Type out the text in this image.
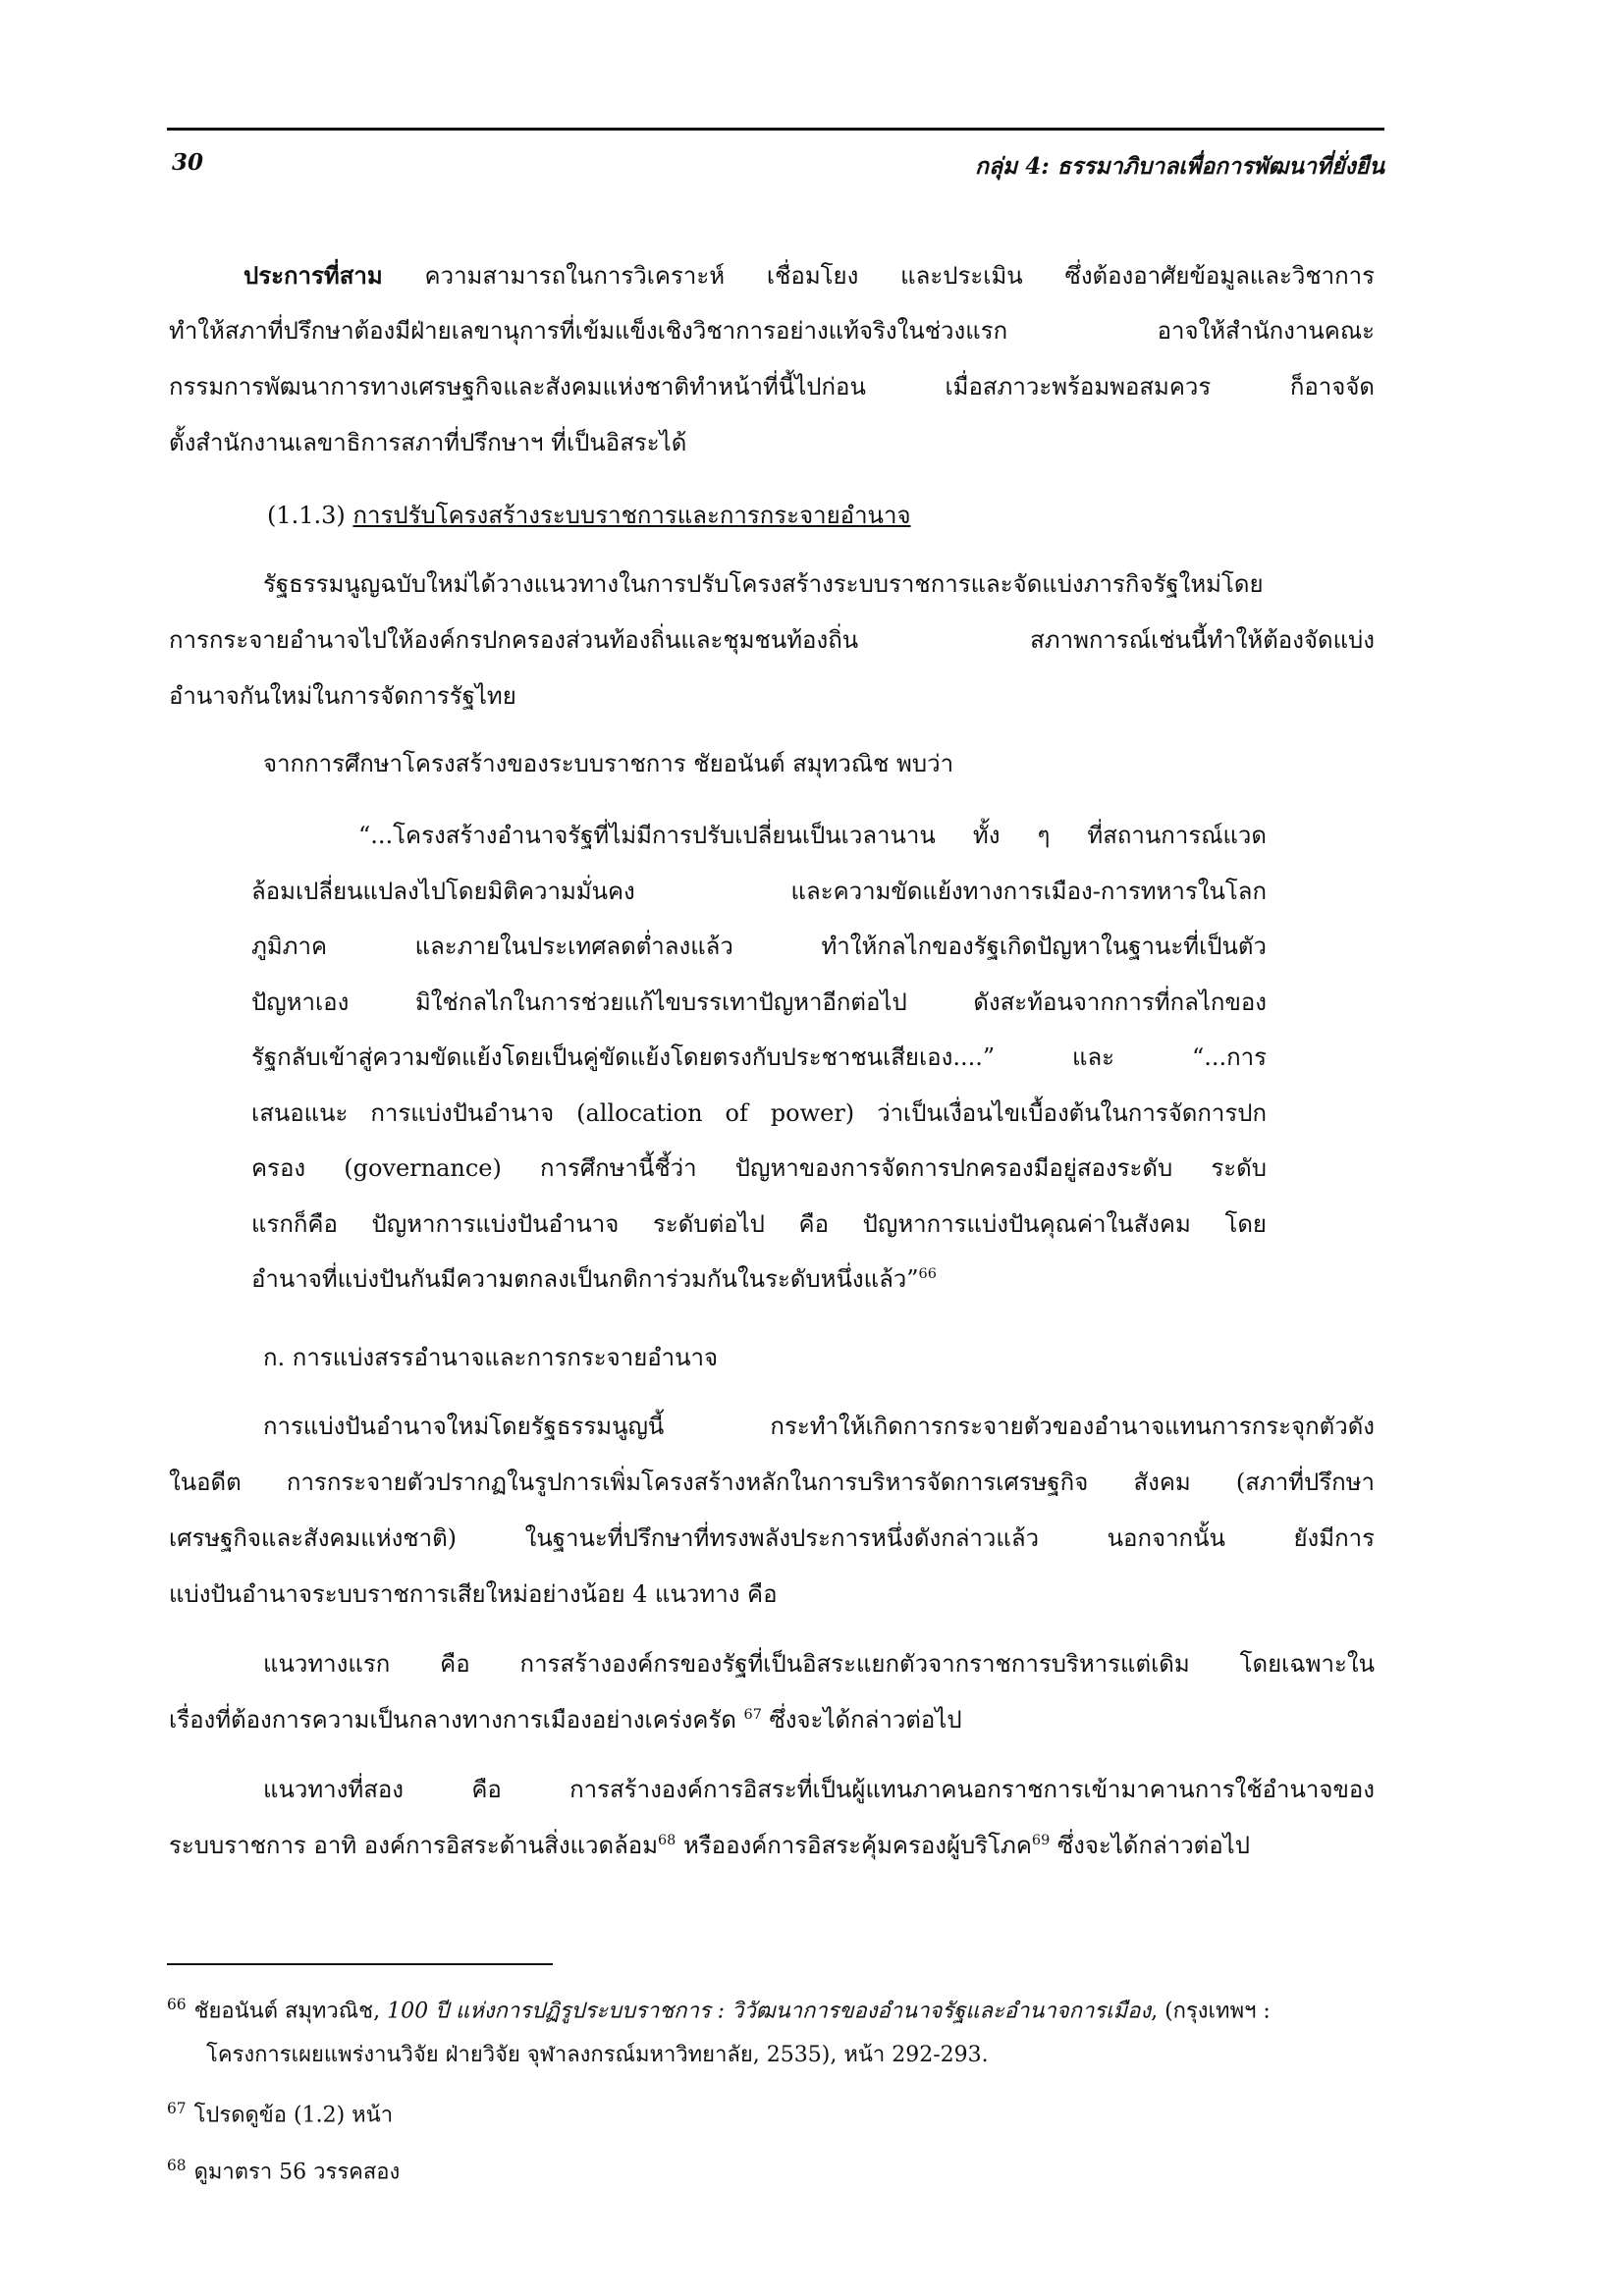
30	กลุ่ม 4: ธรรมาภิบาลเพื่อการพัฒนาที่ยั่งยืน
ประการที่สาม ความสามารถในการวิเคราะห์ เชื่อมโยง และประเมิน ซึ่งต้องอาศัยข้อมูลและวิชาการ
ทำให้สภาที่ปรึกษาต้องมีฝ่ายเลขานุการที่เข้มแข็งเชิงวิชาการอย่างแท้จริงในช่วงแรก อาจให้สำนักงานคณะ
กรรมการพัฒนาการทางเศรษฐกิจและสังคมแห่งชาติทำหน้าที่นี้ไปก่อน เมื่อสภาวะพร้อมพอสมควร ก็อาจจัด
ตั้งสำนักงานเลขาธิการสภาที่ปรึกษาฯ ที่เป็นอิสระได้
(1.1.3) การปรับโครงสร้างระบบราชการและการกระจายอำนาจ
รัฐธรรมนูญฉบับใหม่ได้วางแนวทางในการปรับโครงสร้างระบบราชการและจัดแบ่งภารกิจรัฐใหม่โดย
การกระจายอำนาจไปให้องค์กรปกครองส่วนท้องถิ่นและชุมชนท้องถิ่น สภาพการณ์เช่นนี้ทำให้ต้องจัดแบ่ง
อำนาจกันใหม่ในการจัดการรัฐไทย
จากการศึกษาโครงสร้างของระบบราชการ ชัยอนันต์ สมุทวณิช พบว่า
“...โครงสร้างอำนาจรัฐที่ไม่มีการปรับเปลี่ยนเป็นเวลานาน ทั้ง ๆ ที่สถานการณ์แวด
ล้อมเปลี่ยนแปลงไปโดยมิติความมั่นคง และความขัดแย้งทางการเมือง-การทหารในโลก
ภูมิภาค และภายในประเทศลดต่ำลงแล้ว ทำให้กลไกของรัฐเกิดปัญหาในฐานะที่เป็นตัว
ปัญหาเอง มิใช่กลไกในการช่วยแก้ไขบรรเทาปัญหาอีกต่อไป ดังสะท้อนจากการที่กลไกของ
รัฐกลับเข้าสู่ความขัดแย้งโดยเป็นคู่ขัดแย้งโดยตรงกับประชาชนเสียเอง....” และ “...การ
เสนอแนะ การแบ่งปันอำนาจ (allocation of power) ว่าเป็นเงื่อนไขเบื้องต้นในการจัดการปก
ครอง (governance) การศึกษานี้ชี้ว่า ปัญหาของการจัดการปกครองมีอยู่สองระดับ ระดับ
แรกก็คือ ปัญหาการแบ่งปันอำนาจ ระดับต่อไป คือ ปัญหาการแบ่งปันคุณค่าในสังคม โดย
อำนาจที่แบ่งปันกันมีความตกลงเป็นกติการ่วมกันในระดับหนึ่งแล้ว”$^{66}$
ก. การแบ่งสรรอำนาจและการกระจายอำนาจ
การแบ่งปันอำนาจใหม่โดยรัฐธรรมนูญนี้ กระทำให้เกิดการกระจายตัวของอำนาจแทนการกระจุกตัวดัง
ในอดีต การกระจายตัวปรากฏในรูปการเพิ่มโครงสร้างหลักในการบริหารจัดการเศรษฐกิจ สังคม (สภาที่ปรึกษา
เศรษฐกิจและสังคมแห่งชาติ) ในฐานะที่ปรึกษาที่ทรงพลังประการหนึ่งดังกล่าวแล้ว นอกจากนั้น ยังมีการ
แบ่งปันอำนาจระบบราชการเสียใหม่อย่างน้อย 4 แนวทาง คือ
แนวทางแรก คือ การสร้างองค์กรของรัฐที่เป็นอิสระแยกตัวจากราชการบริหารแต่เดิม โดยเฉพาะใน
เรื่องที่ต้องการความเป็นกลางทางการเมืองอย่างเคร่งครัด $^{67}$ ซึ่งจะได้กล่าวต่อไป
แนวทางที่สอง คือ การสร้างองค์การอิสระที่เป็นผู้แทนภาคนอกราชการเข้ามาคานการใช้อำนาจของ
ระบบราชการ อาทิ องค์การอิสระด้านสิ่งแวดล้อม$^{68}$ หรือองค์การอิสระคุ้มครองผู้บริโภค$^{69}$ ซึ่งจะได้กล่าวต่อไป
$^{66}$ ชัยอนันต์ สมุทวณิช, 100 ปี แห่งการปฏิรูประบบราชการ : วิวัฒนาการของอำนาจรัฐและอำนาจการเมือง, (กรุงเทพฯ :
โครงการเผยแพร่งานวิจัย ฝ่ายวิจัย จุฬาลงกรณ์มหาวิทยาลัย, 2535), หน้า 292-293.
$^{67}$ โปรดดูข้อ (1.2) หน้า
$^{68}$ ดูมาตรา 56 วรรคสอง
